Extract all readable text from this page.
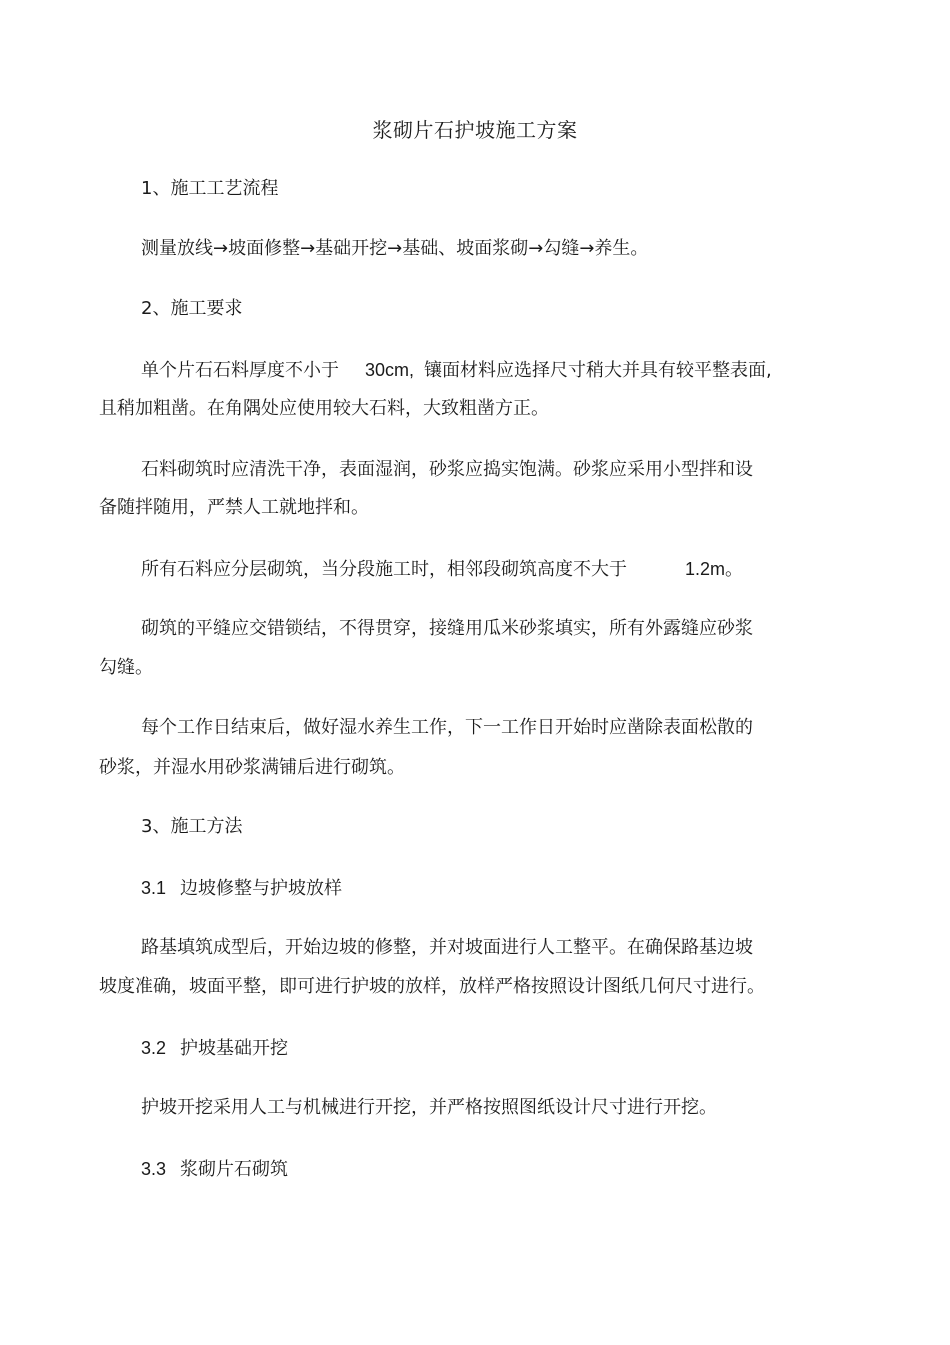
浆砌片石护坡施工方案
1、施工工艺流程
测量放线→坡面修整→基础开挖→基础、坡面浆砌→勾缝→养生。
2、施工要求
单个片石石料厚度不小于 30cm, 镶面材料应选择尺寸稍大并具有较平整表面,
且稍加粗凿。在角隅处应使用较大石料，大致粗凿方正。
石料砌筑时应清洗干净，表面湿润，砂浆应捣实饱满。砂浆应采用小型拌和设
备随拌随用，严禁人工就地拌和。
所有石料应分层砌筑，当分段施工时，相邻段砌筑高度不大于	1.2m。
砌筑的平缝应交错锁结，不得贯穿，接缝用瓜米砂浆填实，所有外露缝应砂浆
勾缝。
每个工作日结束后，做好湿水养生工作，下一工作日开始时应凿除表面松散的
砂浆，并湿水用砂浆满铺后进行砌筑。
3、施工方法
3.1 边坡修整与护坡放样
路基填筑成型后，开始边坡的修整，并对坡面进行人工整平。在确保路基边坡
坡度准确，坡面平整，即可进行护坡的放样，放样严格按照设计图纸几何尺寸进行。
3.2 护坡基础开挖
护坡开挖采用人工与机械进行开挖，并严格按照图纸设计尺寸进行开挖。
3.3 浆砌片石砌筑
